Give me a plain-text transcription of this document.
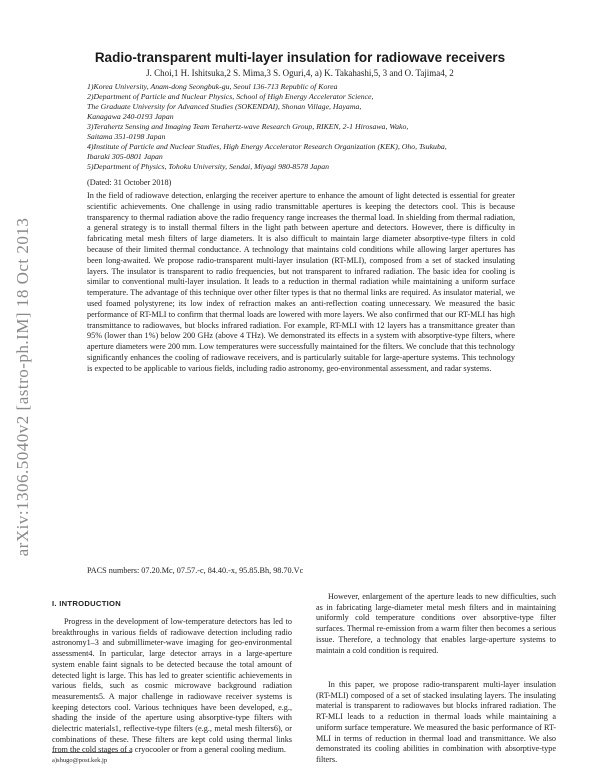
arXiv:1306.5040v2 [astro-ph.IM] 18 Oct 2013
Radio-transparent multi-layer insulation for radiowave receivers
J. Choi,1 H. Ishitsuka,2 S. Mima,3 S. Oguri,4, a) K. Takahashi,5, 3 and O. Tajima4, 2
1)Korea University, Anam-dong Seongbuk-gu, Seoul 136-713 Republic of Korea
2)Department of Particle and Nuclear Physics, School of High Energy Accelerator Science,
The Graduate University for Advanced Studies (SOKENDAI), Shonan Village, Hayama,
Kanagawa 240-0193 Japan
3)Terahertz Sensing and Imaging Team Terahertz-wave Research Group, RIKEN, 2-1 Hirosawa, Wako,
Saitama 351-0198 Japan
4)Institute of Particle and Nuclear Studies, High Energy Accelerator Research Organization (KEK), Oho, Tsukuba,
Ibaraki 305-0801 Japan
5)Department of Physics, Tohoku University, Sendai, Miyagi 980-8578 Japan
(Dated: 31 October 2018)
In the field of radiowave detection, enlarging the receiver aperture to enhance the amount of light detected is essential for greater scientific achievements. One challenge in using radio transmittable apertures is keeping the detectors cool. This is because transparency to thermal radiation above the radio frequency range increases the thermal load. In shielding from thermal radiation, a general strategy is to install thermal filters in the light path between aperture and detectors. However, there is difficulty in fabricating metal mesh filters of large diameters. It is also difficult to maintain large diameter absorptive-type filters in cold because of their limited thermal conductance. A technology that maintains cold conditions while allowing larger apertures has been long-awaited. We propose radio-transparent multi-layer insulation (RT-MLI), composed from a set of stacked insulating layers. The insulator is transparent to radio frequencies, but not transparent to infrared radiation. The basic idea for cooling is similar to conventional multi-layer insulation. It leads to a reduction in thermal radiation while maintaining a uniform surface temperature. The advantage of this technique over other filter types is that no thermal links are required. As insulator material, we used foamed polystyrene; its low index of refraction makes an anti-reflection coating unnecessary. We measured the basic performance of RT-MLI to confirm that thermal loads are lowered with more layers. We also confirmed that our RT-MLI has high transmittance to radiowaves, but blocks infrared radiation. For example, RT-MLI with 12 layers has a transmittance greater than 95% (lower than 1%) below 200 GHz (above 4 THz). We demonstrated its effects in a system with absorptive-type filters, where aperture diameters were 200 mm. Low temperatures were successfully maintained for the filters. We conclude that this technology significantly enhances the cooling of radiowave receivers, and is particularly suitable for large-aperture systems. This technology is expected to be applicable to various fields, including radio astronomy, geo-environmental assessment, and radar systems.
PACS numbers: 07.20.Mc, 07.57.-c, 84.40.-x, 95.85.Bh, 98.70.Vc
I. INTRODUCTION
Progress in the development of low-temperature detectors has led to breakthroughs in various fields of radiowave detection including radio astronomy1–3 and submillimeter-wave imaging for geo-environmental assessment4. In particular, large detector arrays in a large-aperture system enable faint signals to be detected because the total amount of detected light is large. This has led to greater scientific achievements in various fields, such as cosmic microwave background radiation measurements5. A major challenge in radiowave receiver systems is keeping detectors cool. Various techniques have been developed, e.g., shading the inside of the aperture using absorptive-type filters with dielectric materials1, reflective-type filters (e.g., metal mesh filters6), or combinations of these. These filters are kept cold using thermal links from the cold stages of a cryocooler or from a general cooling medium.
However, enlargement of the aperture leads to new difficulties, such as in fabricating large-diameter metal mesh filters and in maintaining uniformly cold temperature conditions over absorptive-type filter surfaces. Thermal re-emission from a warm filter then becomes a serious issue. Therefore, a technology that enables large-aperture systems to maintain a cold condition is required.
In this paper, we propose radio-transparent multi-layer insulation (RT-MLI) composed of a set of stacked insulating layers. The insulating material is transparent to radiowaves but blocks infrared radiation. The RT-MLI leads to a reduction in thermal loads while maintaining a uniform surface temperature. We measured the basic performance of RT-MLI in terms of reduction in thermal load and transmittance. We also demonstrated its cooling abilities in combination with absorptive-type filters.
a)shugo@post.kek.jp
